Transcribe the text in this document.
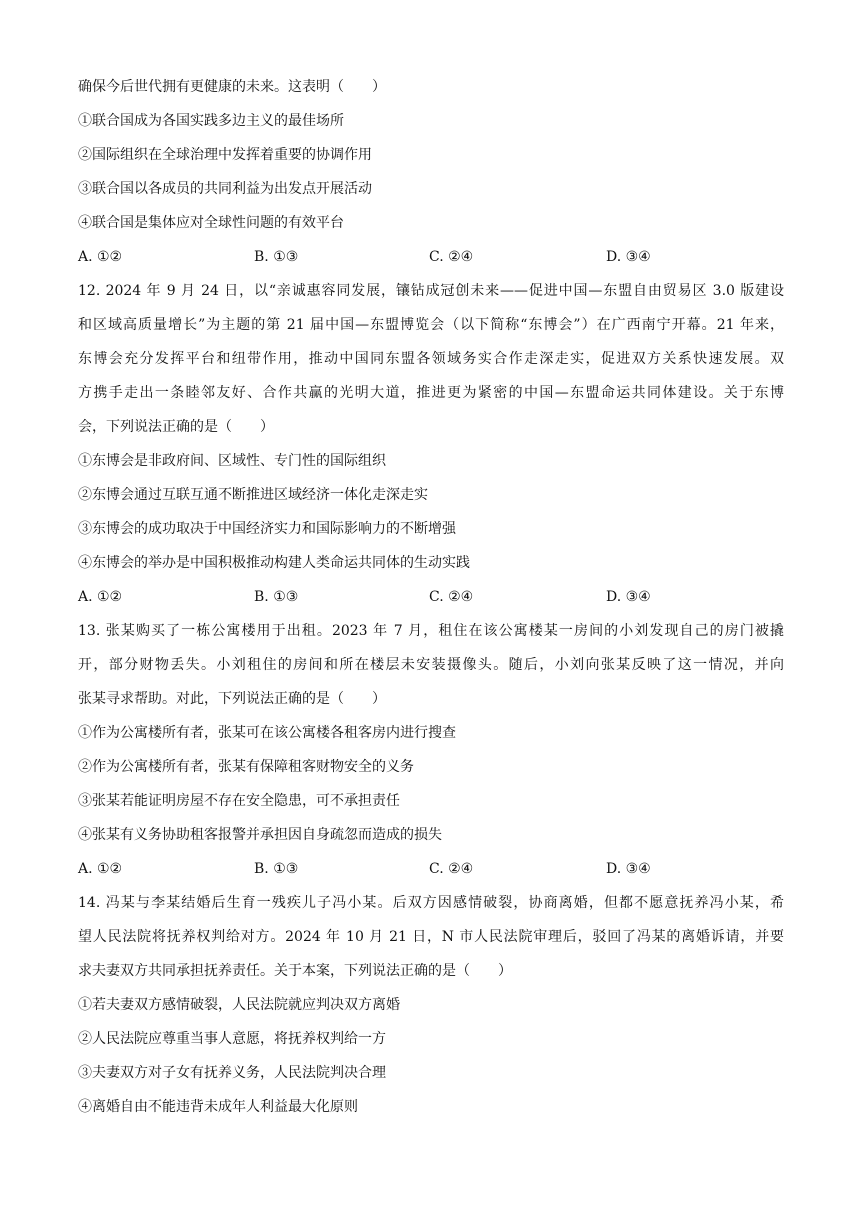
确保今后世代拥有更健康的未来。这表明（　　）
①联合国成为各国实践多边主义的最佳场所
②国际组织在全球治理中发挥着重要的协调作用
③联合国以各成员的共同利益为出发点开展活动
④联合国是集体应对全球性问题的有效平台
A. ①②	B. ①③	C. ②④	D. ③④
12. 2024 年 9 月 24 日，以“亲诚惠容同发展，镶钻成冠创未来——促进中国—东盟自由贸易区 3.0 版建设
和区域高质量增长”为主题的第 21 届中国—东盟博览会（以下简称“东博会”）在广西南宁开幕。21 年来，
东博会充分发挥平台和纽带作用，推动中国同东盟各领域务实合作走深走实，促进双方关系快速发展。双
方携手走出一条睦邻友好、合作共赢的光明大道，推进更为紧密的中国—东盟命运共同体建设。关于东博
会，下列说法正确的是（　　）
①东博会是非政府间、区域性、专门性的国际组织
②东博会通过互联互通不断推进区域经济一体化走深走实
③东博会的成功取决于中国经济实力和国际影响力的不断增强
④东博会的举办是中国积极推动构建人类命运共同体的生动实践
A. ①②	B. ①③	C. ②④	D. ③④
13. 张某购买了一栋公寓楼用于出租。2023 年 7 月，租住在该公寓楼某一房间的小刘发现自己的房门被撬
开，部分财物丢失。小刘租住的房间和所在楼层未安装摄像头。随后，小刘向张某反映了这一情况，并向
张某寻求帮助。对此，下列说法正确的是（　　）
①作为公寓楼所有者，张某可在该公寓楼各租客房内进行搜查
②作为公寓楼所有者，张某有保障租客财物安全的义务
③张某若能证明房屋不存在安全隐患，可不承担责任
④张某有义务协助租客报警并承担因自身疏忽而造成的损失
A. ①②	B. ①③	C. ②④	D. ③④
14. 冯某与李某结婚后生育一残疾儿子冯小某。后双方因感情破裂，协商离婚，但都不愿意抚养冯小某，希
望人民法院将抚养权判给对方。2024 年 10 月 21 日，N 市人民法院审理后，驳回了冯某的离婚诉请，并要
求夫妻双方共同承担抚养责任。关于本案，下列说法正确的是（　　）
①若夫妻双方感情破裂，人民法院就应判决双方离婚
②人民法院应尊重当事人意愿，将抚养权判给一方
③夫妻双方对子女有抚养义务，人民法院判决合理
④离婚自由不能违背未成年人利益最大化原则
